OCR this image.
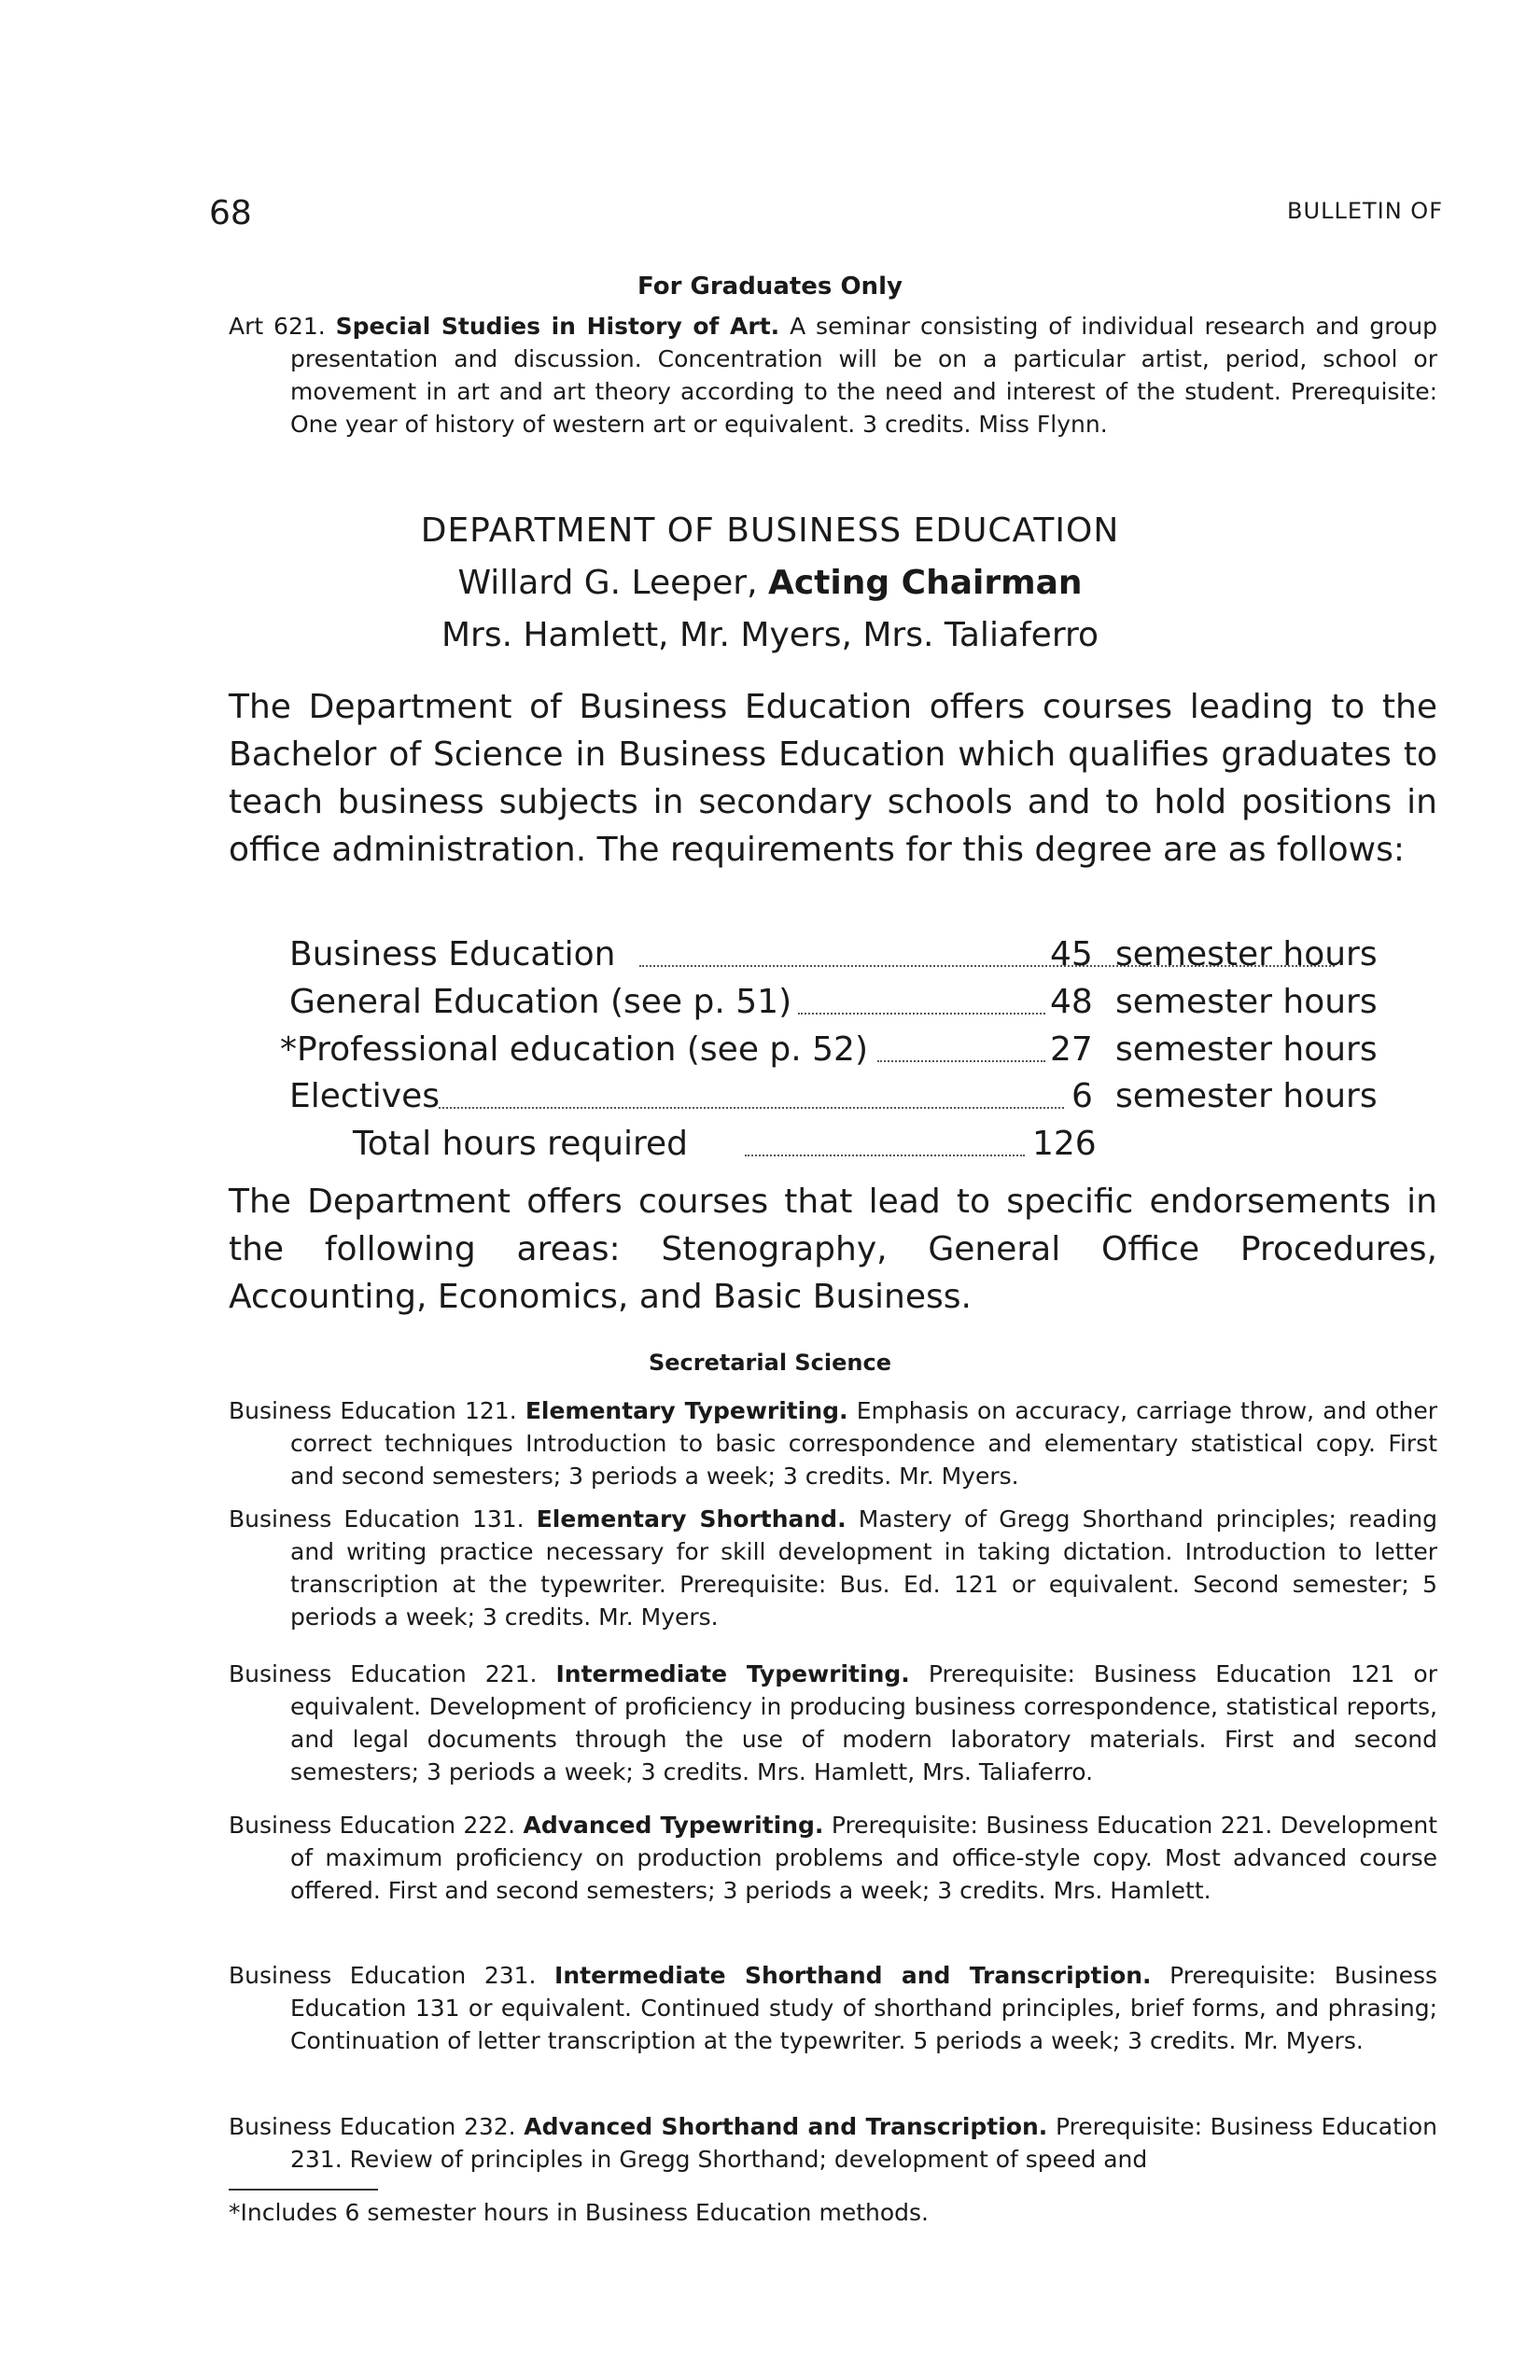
68	BULLETIN OF
For Graduates Only

Art 621. Special Studies in History of Art. A seminar consisting of individual research and group presentation and discussion. Concentration will be on a particular artist, period, school or movement in art and art theory according to the need and interest of the student. Prerequisite: One year of history of western art or equivalent. 3 credits. Miss Flynn.

DEPARTMENT OF BUSINESS EDUCATION
Willard G. Leeper, Acting Chairman
Mrs. Hamlett, Mr. Myers, Mrs. Taliaferro

The Department of Business Education offers courses leading to the Bachelor of Science in Business Education which qualifies graduates to teach business subjects in secondary schools and to hold positions in office administration. The requirements for this degree are as follows:

Business Education	45 semester hours
General Education (see p. 51)	48 semester hours
*Professional education (see p. 52)	27 semester hours
Electives	6 semester hours
Total hours required	126

The Department offers courses that lead to specific endorsements in the following areas: Stenography, General Office Procedures, Accounting, Economics, and Basic Business.

Secretarial Science

Business Education 121. Elementary Typewriting. Emphasis on accuracy, carriage throw, and other correct techniques Introduction to basic correspondence and elementary statistical copy. First and second semesters; 3 periods a week; 3 credits. Mr. Myers.

Business Education 131. Elementary Shorthand. Mastery of Gregg Shorthand principles; reading and writing practice necessary for skill development in taking dictation. Introduction to letter transcription at the typewriter. Prerequisite: Bus. Ed. 121 or equivalent. Second semester; 5 periods a week; 3 credits. Mr. Myers.

Business Education 221. Intermediate Typewriting. Prerequisite: Business Education 121 or equivalent. Development of proficiency in producing business correspondence, statistical reports, and legal documents through the use of modern laboratory materials. First and second semesters; 3 periods a week; 3 credits. Mrs. Hamlett, Mrs. Taliaferro.

Business Education 222. Advanced Typewriting. Prerequisite: Business Education 221. Development of maximum proficiency on production problems and office-style copy. Most advanced course offered. First and second semesters; 3 periods a week; 3 credits. Mrs. Hamlett.

Business Education 231. Intermediate Shorthand and Transcription. Prerequisite: Business Education 131 or equivalent. Continued study of shorthand principles, brief forms, and phrasing; Continuation of letter transcription at the typewriter. 5 periods a week; 3 credits. Mr. Myers.

Business Education 232. Advanced Shorthand and Transcription. Prerequisite: Business Education 231. Review of principles in Gregg Shorthand; development of speed and

*Includes 6 semester hours in Business Education methods.
